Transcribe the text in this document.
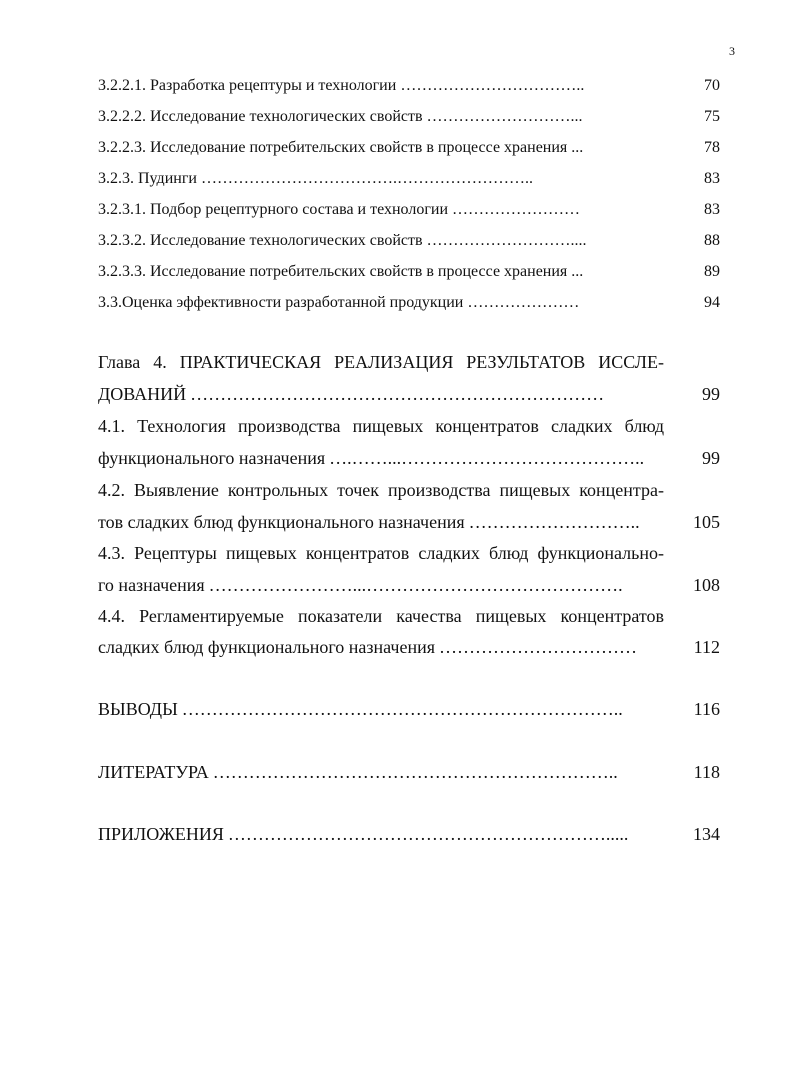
3
3.2.2.1. Разработка рецептуры и технологии ……………………………..	70
3.2.2.2. Исследование технологических свойств ………………………...	75
3.2.2.3. Исследование потребительских свойств в процессе хранения ...	78
3.2.3. Пудинги ……………………………….……………………..	83
3.2.3.1. Подбор рецептурного состава и технологии ……………………	83
3.2.3.2. Исследование технологических свойств ………………………....	88
3.2.3.3. Исследование потребительских свойств в процессе хранения ...	89
3.3.Оценка эффективности разработанной продукции …………………	94
Глава 4. ПРАКТИЧЕСКАЯ РЕАЛИЗАЦИЯ РЕЗУЛЬТАТОВ ИССЛЕ-
ДОВАНИЙ ……………………………………………………………	99
4.1. Технология производства пищевых концентратов сладких блюд
функционального назначения ….……...…………………………………..	99
4.2. Выявление контрольных точек производства пищевых концентра-
тов сладких блюд функционального назначения ………………………..	105
4.3. Рецептуры пищевых концентратов сладких блюд функционально-
го назначения ……………………...…………………………………….	108
4.4. Регламентируемые показатели качества пищевых концентратов
сладких блюд функционального назначения ……………………………	112
ВЫВОДЫ ………………………………………………………………..	116
ЛИТЕРАТУРА …………………………………………………………..	118
ПРИЛОЖЕНИЯ ……………………………………………………….....	134
